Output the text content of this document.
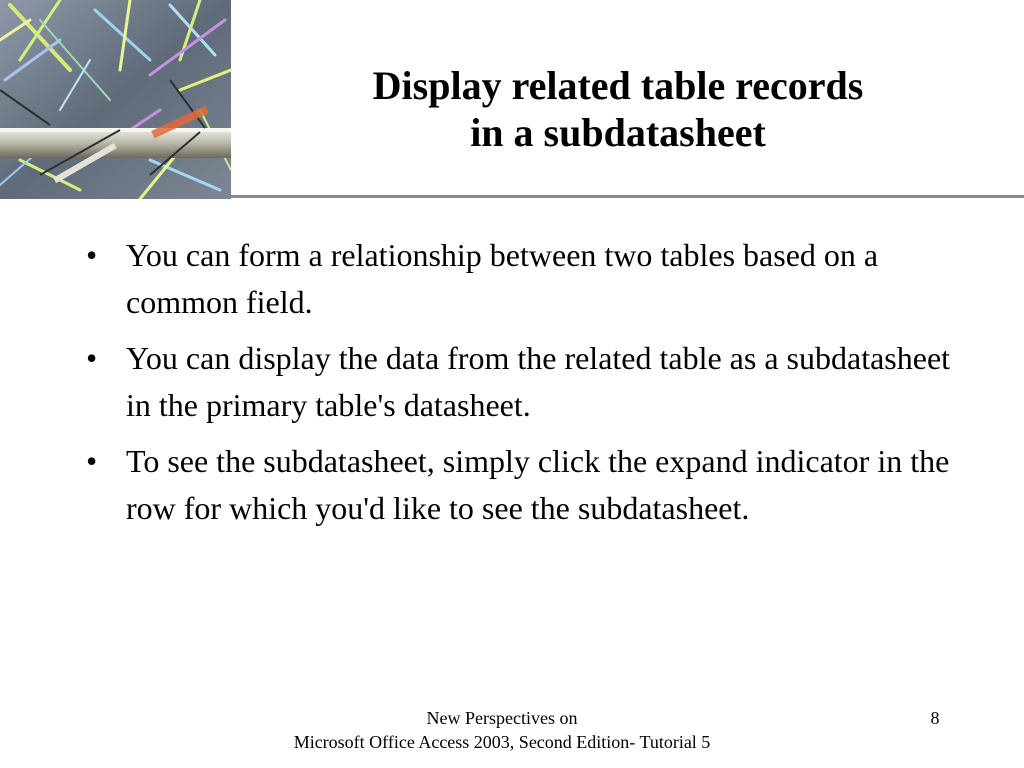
Display related table records
in a subdatasheet
• You can form a relationship between two tables based on a common field.
• You can display the data from the related table as a subdatasheet in the primary table's datasheet.
• To see the subdatasheet, simply click the expand indicator in the row for which you'd like to see the subdatasheet.
New Perspectives on
Microsoft Office Access 2003, Second Edition- Tutorial 5
8
